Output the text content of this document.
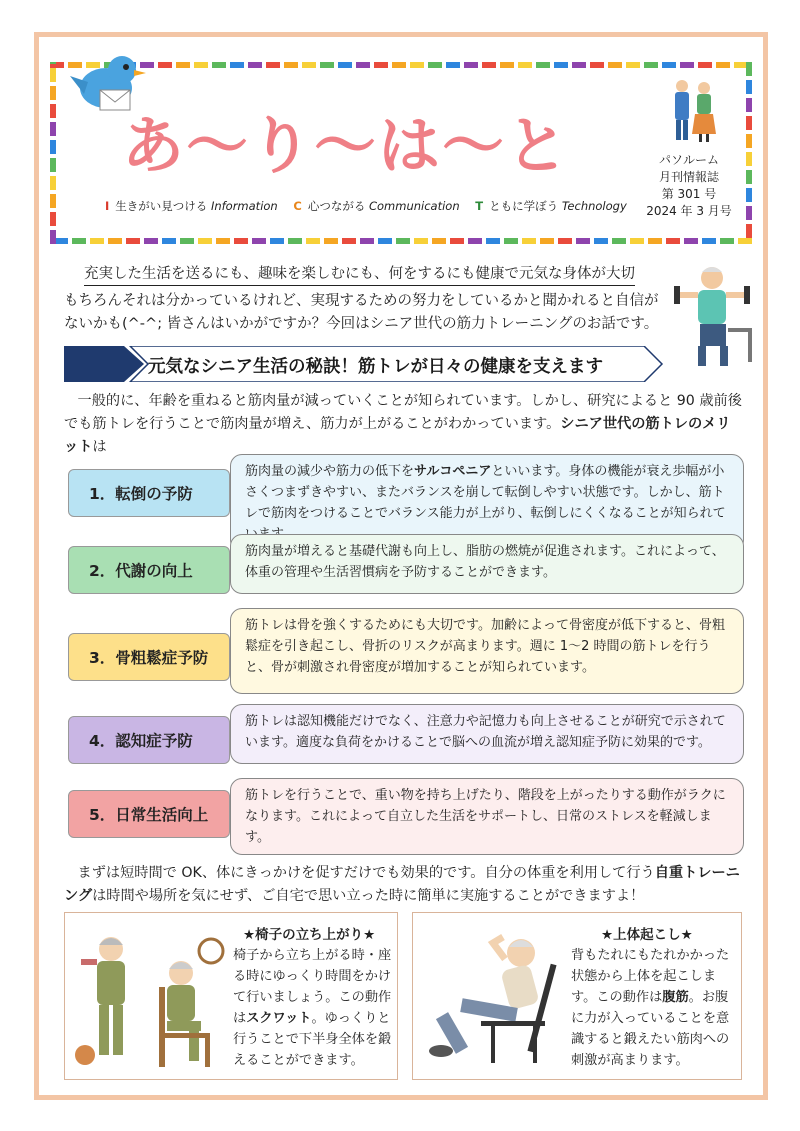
あ～り～は～と
I 生きがい見つける Information C 心つながる Communication T ともに学ぼう Technology
パソルーム
月刊情報誌
第 301 号
2024 年 3 月号
充実した生活を送るにも、趣味を楽しむにも、何をするにも健康で元気な身体が大切
もちろんそれは分かっているけれど、実現するための努力をしているかと聞かれると自信がないかも(^-^; 皆さんはいかがですか？今回はシニア世代の筋力トレーニングのお話です。
元気なシニア生活の秘訣！筋トレが日々の健康を支えます
一般的に、年齢を重ねると筋肉量が減っていくことが知られています。しかし、研究によると 90 歳前後でも筋トレを行うことで筋肉量が増え、筋力が上がることがわかっています。シニア世代の筋トレのメリットは
1．転倒の予防
筋肉量の減少や筋力の低下をサルコペニアといいます。身体の機能が衰え歩幅が小さくつまずきやすい、またバランスを崩して転倒しやすい状態です。しかし、筋トレで筋肉をつけることでバランス能力が上がり、転倒しにくくなることが知られて
2．代謝の向上
筋肉量が増えると基礎代謝も向上し、脂肪の燃焼が促進されます。これによって、体重の管理や生活習慣病を予防することができます。
3．骨粗鬆症予防
筋トレは骨を強くするためにも大切です。加齢によって骨密度が低下すると、骨粗鬆症を引き起こし、骨折のリスクが高まります。週に 1～2 時間の筋トレを行うと、骨が刺激され骨密度が増加することが知られています。
4．認知症予防
筋トレは認知機能だけでなく、注意力や記憶力も向上させることが研究で示されています。適度な負荷をかけることで脳への血流が増え認知症予防に効果的です。
5．日常生活向上
筋トレを行うことで、重い物を持ち上げたり、階段を上がったりする動作がラクになります。これによって自立した生活をサポートし、日常のストレスを軽減します。
まずは短時間で OK、体にきっかけを促すだけでも効果的です。自分の体重を利用して行う自重トレーニングは時間や場所を気にせず、ご自宅で思い立った時に簡単に実施することができますよ！
★椅子の立ち上がり★
椅子から立ち上がる時・座る時にゆっくり時間をかけて行いましょう。この動作はスクワット。ゆっくりと行うことで下半身全体を鍛えることができます。
★上体起こし★
背もたれにもたれかかった状態から上体を起こします。この動作は腹筋。お腹に力が入っていることを意識すると鍛えたい筋肉への刺激が高まります。
